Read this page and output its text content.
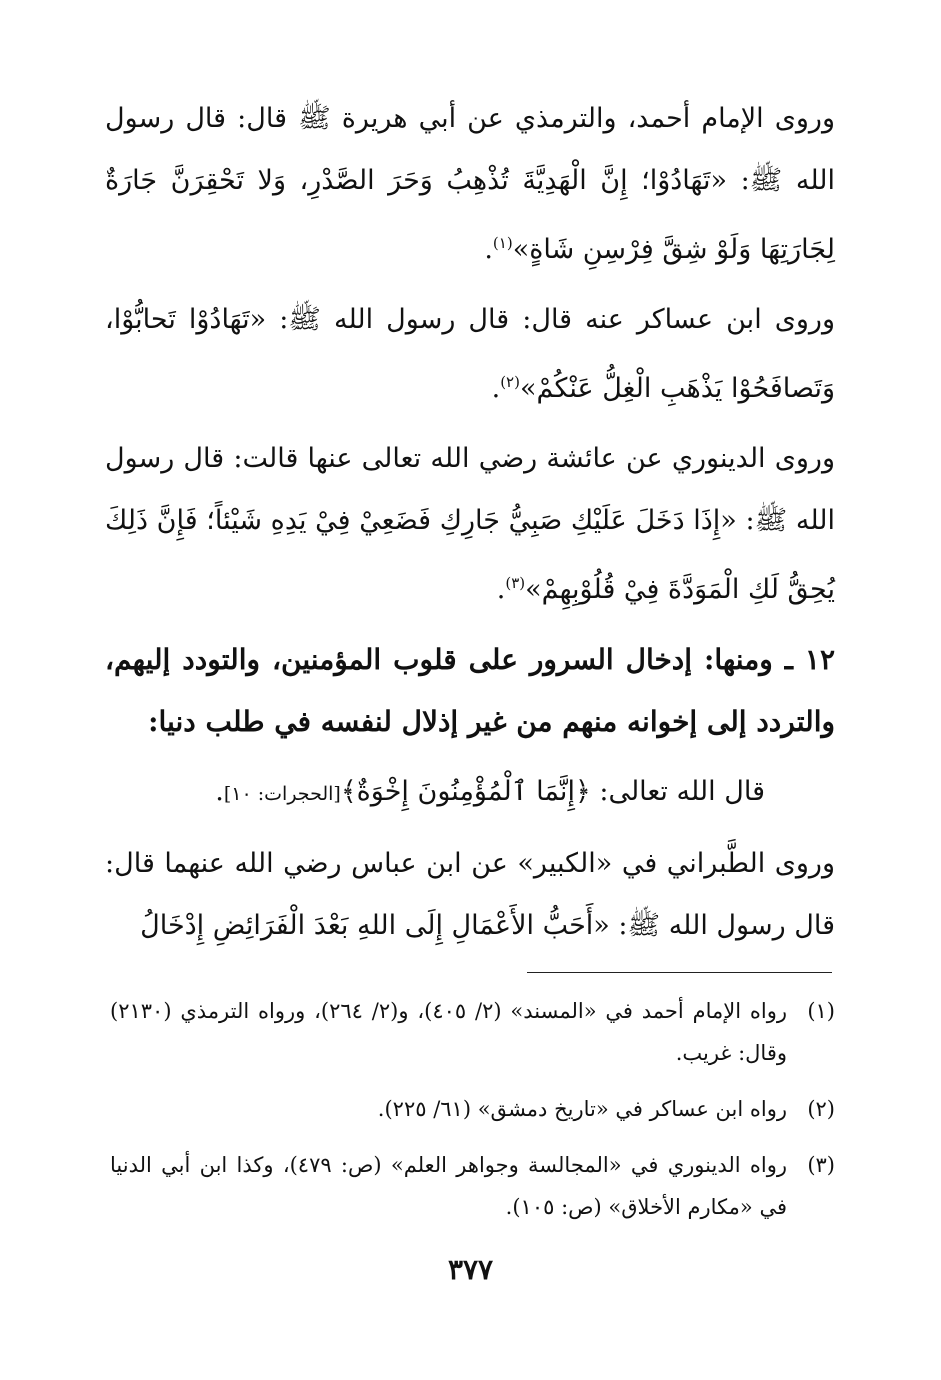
وروى الإمام أحمد، والترمذي عن أبي هريرة ﷺ قال: قال رسول الله ﷺ: «تَهَادُوْا؛ إِنَّ الْهَدِيَّةَ تُذْهِبُ وَحَرَ الصَّدْرِ، وَلا تَحْقِرَنَّ جَارَةٌ لِجَارَتِهَا وَلَوْ شِقَّ فِرْسِنِ شَاةٍ»$^{(١)}$.

وروى ابن عساكر عنه قال: قال رسول الله ﷺ: «تَهَادُوْا تَحابُّوْا، وَتَصافَحُوْا يَذْهَبِ الْغِلُّ عَنْكُمْ»$^{(٢)}$.

وروى الدينوري عن عائشة رضي الله تعالى عنها قالت: قال رسول الله ﷺ: «إِذَا دَخَلَ عَلَيْكِ صَبِيُّ جَارِكِ فَضَعِيْ فِيْ يَدِهِ شَيْئاً؛ فَإِنَّ ذَلِكَ يُحِقُّ لَكِ الْمَوَدَّةَ فِيْ قُلُوْبِهِمْ»$^{(٣)}$.

١٢ ـ ومنها: إدخال السرور على قلوب المؤمنين، والتودد إليهم، والتردد إلى إخوانه منهم من غير إذلال لنفسه في طلب دنيا:

قال الله تعالى: ﴿إِنَّمَا ٱلْمُؤْمِنُونَ إِخْوَةٌ﴾[الحجرات: ١٠].

وروى الطَّبراني في «الكبير» عن ابن عباس رضي الله عنهما قال: قال رسول الله ﷺ: «أَحَبُّ الأَعْمَالِ إِلَى اللهِ بَعْدَ الْفَرَائِضِ إِدْخَالُ

(١)
رواه الإمام أحمد في «المسند» (٢/ ٤٠٥)، و(٢/ ٢٦٤)، ورواه الترمذي (٢١٣٠) وقال: غريب.
(٢)
رواه ابن عساكر في «تاريخ دمشق» (٦١/ ٢٢٥).
(٣)
رواه الدينوري في «المجالسة وجواهر العلم» (ص: ٤٧٩)، وكذا ابن أبي الدنيا في «مكارم الأخلاق» (ص: ١٠٥).
٣٧٧
